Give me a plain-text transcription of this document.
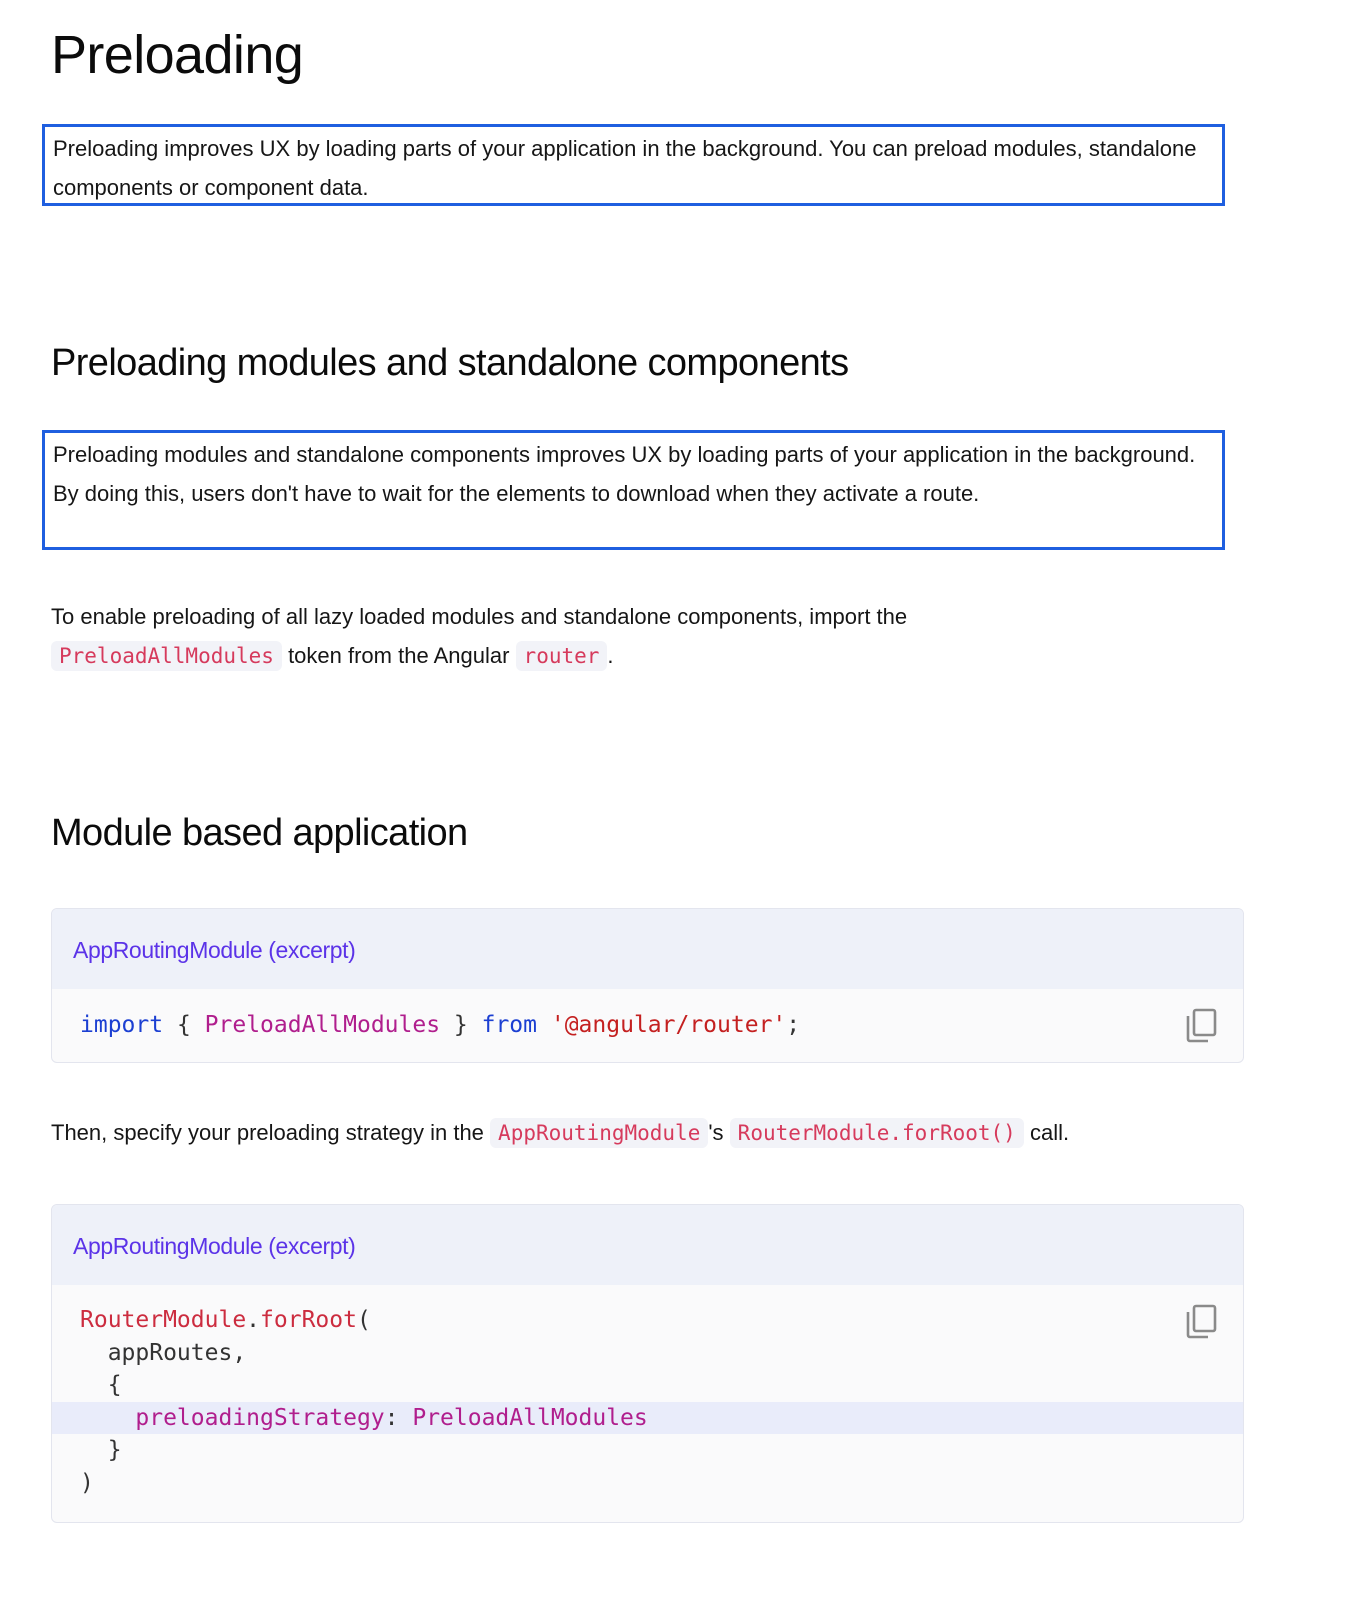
Preloading
Preloading improves UX by loading parts of your application in the background. You can preload modules, standalone components or component data.
Preloading modules and standalone components
Preloading modules and standalone components improves UX by loading parts of your application in the background. By doing this, users don't have to wait for the elements to download when they activate a route.
To enable preloading of all lazy loaded modules and standalone components, import the
PreloadAllModules token from the Angular router .
Module based application
AppRoutingModule (excerpt)
import { PreloadAllModules } from '@angular/router';
Then, specify your preloading strategy in the AppRoutingModule 's RouterModule.forRoot() call.
AppRoutingModule (excerpt)
RouterModule.forRoot(
appRoutes,
{
preloadingStrategy: PreloadAllModules
}
)
